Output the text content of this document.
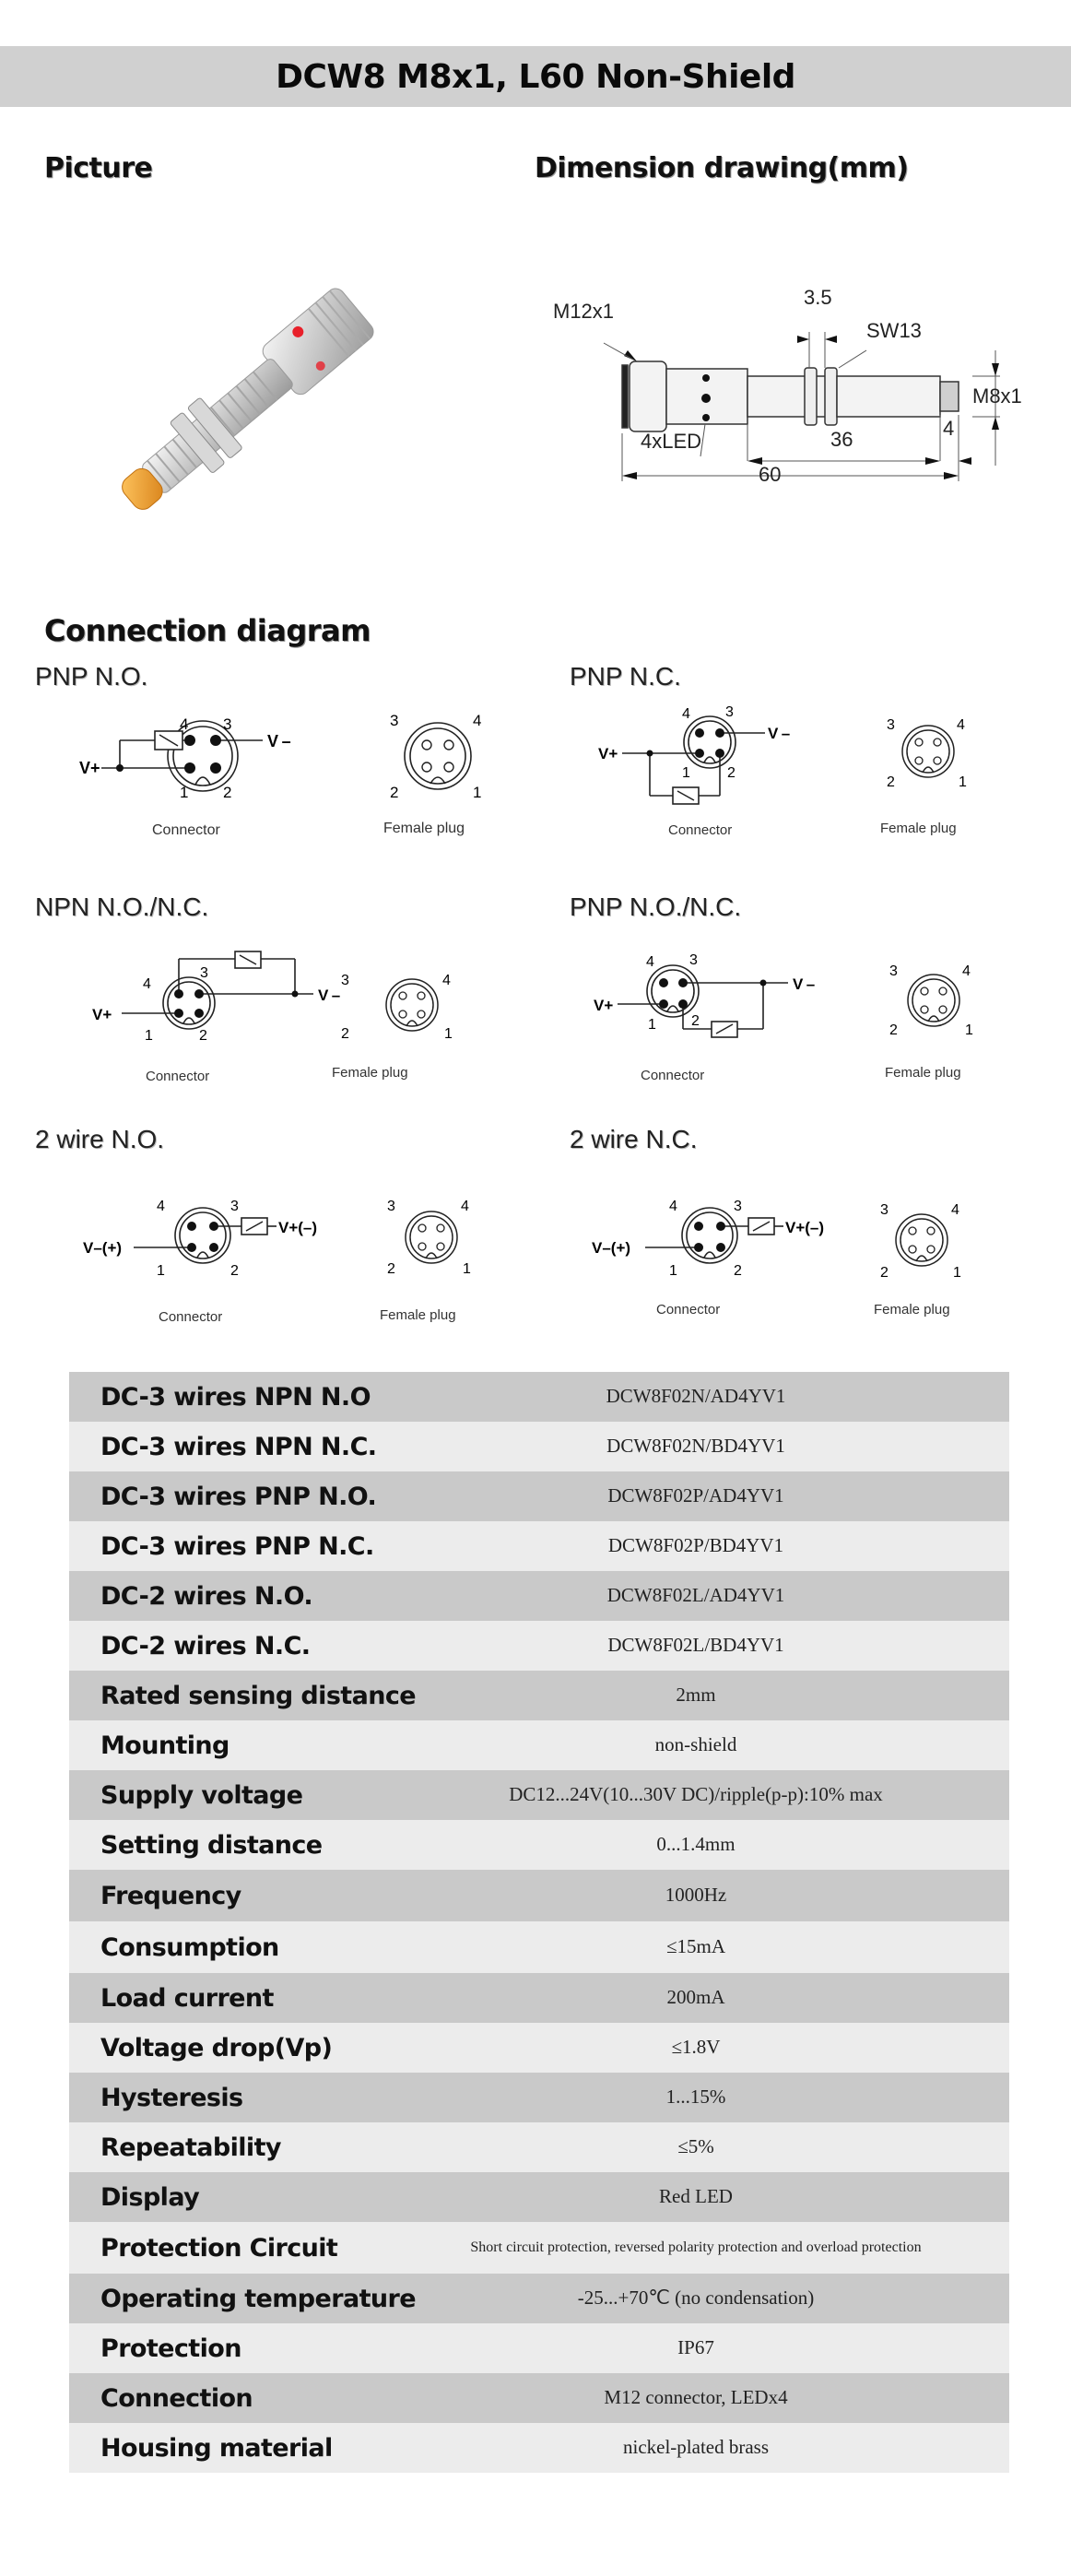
DCW8 M8x1, L60 Non-Shield
Picture	Dimension drawing(mm)
M12x1
3.5
SW13
M8x1
4xLED	36	4
60
Connection diagram
PNP N.O.	PNP N.C.
NPN N.O./N.C.	PNP N.O./N.C.
2 wire N.O.	2 wire N.C.
4 3
1 2
V+
V –
Connector
3	4
2	1
Female plug
4 3
1	2
V+
V –
Connector
3	4
2	1
Female plug
4
3
1	2
V+
V –
Connector
3	4
2	1
Female plug
4 3
1 2
V+
V –
Connector
3	4
2	1
Female plug
4	3
1	2
V–(+)
V+(–)
Connector
3	4
2	1
Female plug
4	3
1	2
V–(+)
V+(–)
Connector
3	4
2	1
Female plug
DC-3 wires NPN N.O	DCW8F02N/AD4YV1
DC-3 wires NPN N.C.	DCW8F02N/BD4YV1
DC-3 wires PNP N.O.	DCW8F02P/AD4YV1
DC-3 wires PNP N.C.	DCW8F02P/BD4YV1
DC-2 wires N.O.	DCW8F02L/AD4YV1
DC-2 wires N.C.	DCW8F02L/BD4YV1
Rated sensing distance	2mm
Mounting	non-shield
Supply voltage	DC12...24V(10...30V DC)/ripple(p-p):10% max
Setting distance	0...1.4mm
Frequency	1000Hz
Consumption	≤15mA
Load current	200mA
Voltage drop(Vp)	≤1.8V
Hysteresis	1...15%
Repeatability	≤5%
Display	Red LED
Protection Circuit	Short circuit protection, reversed polarity protection and overload protection
Operating temperature	-25...+70℃ (no condensation)
Protection	IP67
Connection	M12 connector, LEDx4
Housing material	nickel-plated brass
